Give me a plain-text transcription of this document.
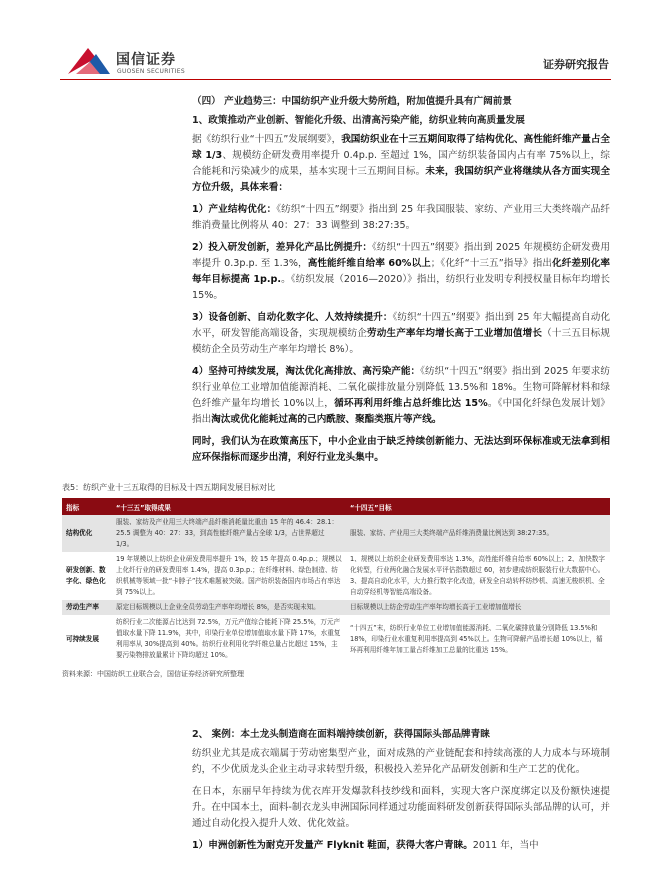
国信证券
GUOSEN SECURITIES
证券研究报告
（四） 产业趋势三：中国纺织产业升级大势所趋，附加值提升具有广阔前景
1、政策推动产业创新、智能化升级、出清高污染产能，纺织业转向高质量发展
据《纺织行业“十四五”发展纲要》，我国纺织业在十三五期间取得了结构优化、高性能纤维产量占全球 1/3、规模纺企研发费用率提升 0.4p.p. 至超过 1%，国产纺织装备国内占有率 75%以上，综合能耗和污染减少的成果，基本实现十三五期间目标。未来，我国纺织产业将继续从各方面实现全方位升级，具体来看：
1）产业结构优化：《纺织“十四五”纲要》指出到 25 年我国服装、家纺、产业用三大类终端产品纤维消费量比例将从 40：27：33 调整到 38:27:35。
2）投入研发创新，差异化产品比例提升：《纺织“十四五”纲要》指出到 2025 年规模纺企研发费用率提升 0.3p.p. 至 1.3%，高性能纤维自给率 60%以上；《化纤“十三五”指导》指出化纤差别化率每年目标提高 1p.p.。《纺织发展（2016—2020）》指出，纺织行业发明专利授权量目标年均增长 15%。
3）设备创新、自动化数字化、人效持续提升：《纺织“十四五”纲要》指出到 25 年大幅提高自动化水平，研发智能高端设备，实现规模纺企劳动生产率年均增长高于工业增加值增长（十三五目标规模纺企全员劳动生产率年均增长 8%）。
4）坚持可持续发展，淘汰优化高排放、高污染产能：《纺织“十四五”纲要》指出到 2025 年要求纺织行业单位工业增加值能源消耗、二氧化碳排放量分别降低 13.5%和 18%。生物可降解材料和绿色纤维产量年均增长 10%以上，循环再利用纤维占总纤维比达 15%。《中国化纤绿色发展计划》指出淘汰或优化能耗过高的己内酰胺、聚酯类瓶片等产线。
同时，我们认为在政策高压下，中小企业由于缺乏持续创新能力、无法达到环保标准或无法拿到相应环保指标而逐步出清，利好行业龙头集中。
表5：纺织产业十三五取得的目标及十四五期间发展目标对比
指标	“十三五”取得成果	“十四五”目标
结构优化	服装、家纺及产业用三大终端产品纤维消耗量比重由 15 年的 46.4：28.1：25.5 调整为 40：27：33，到高性能纤维产量占全球 1/3，占世界超过 1/3。	服装、家纺、产业用三大类终端产品纤维消费量比例达到 38:27:35。
研发创新、数字化、绿色化	19 年规模以上纺织企业研发费用率提升 1%，较 15 年提高 0.4p.p.；规模以上化纤行业的研发费用率 1.4%，提高 0.3p.p.；在纤维材料、绿色制造、纺织机械等领域一批“卡脖子”技术难题被突破。国产纺织装备国内市场占有率达到 75%以上。	1、规模以上纺织企业研发费用率达 1.3%，高性能纤维自给率 60%以上；2、加快数字化转型，行业两化融合发展水平评估指数超过 60，初步建成纺织服装行业大数据中心。3、提高自动化水平，大力推行数字化改造，研发全自动转杯纺纱机、高速无梭织机、全自动穿经机等智能高端设备。
劳动生产率	原定目标规模以上企业全员劳动生产率年均增长 8%，是否实现未知。	目标规模以上纺企劳动生产率年均增长高于工业增加值增长
可持续发展	纺织行业二次能源占比达到 72.5%，万元产值综合能耗下降 25.5%，万元产值取水量下降 11.9%，其中，印染行业单位增加值取水量下降 17%，水重复利用率从 30%提高到 40%。纺织行业利用化学纤维总量占比超过 15%，主要污染物排放量累计下降均超过 10%。	“十四五”末，纺织行业单位工业增加值能源消耗、二氧化碳排放量分别降低 13.5%和 18%，印染行业水重复利用率提高到 45%以上。生物可降解产品增长超 10%以上，循环再利用纤维年加工量占纤维加工总量的比重达 15%。
资料来源：中国纺织工业联合会，国信证券经济研究所整理
2、 案例：本土龙头制造商在面料端持续创新，获得国际头部品牌青睐
纺织业尤其是成衣端属于劳动密集型产业，面对成熟的产业链配套和持续高涨的人力成本与环境制约，不少优质龙头企业主动寻求转型升级，积极投入差异化产品研发创新和生产工艺的优化。
在日本，东丽早年持续为优衣库开发爆款科技纱线和面料，实现大客户深度绑定以及份额快速提升。在中国本土，面料-制衣龙头申洲国际同样通过功能面料研发创新获得国际头部品牌的认可，并通过自动化投入提升人效、优化效益。
1）申洲创新性为耐克开发量产 Flyknit 鞋面，获得大客户青睐。2011 年，当中
